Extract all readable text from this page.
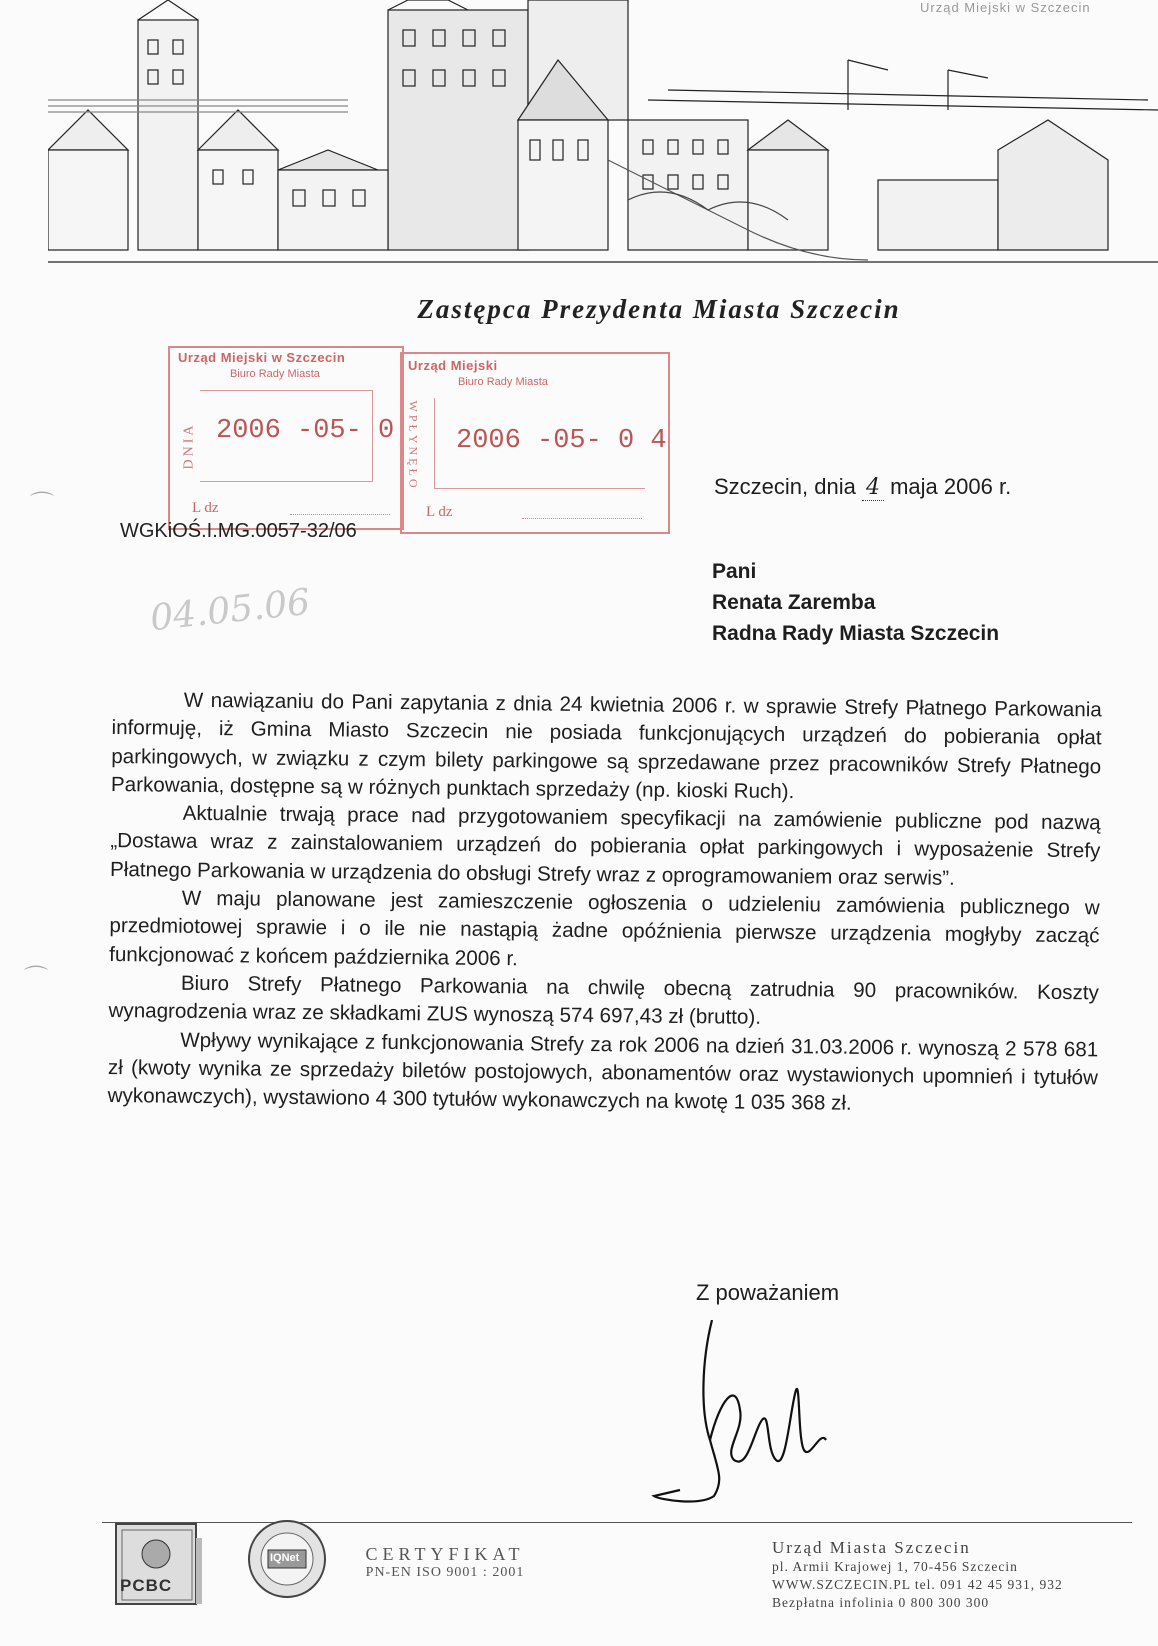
Urząd Miejski w Szczecin
Zastępca Prezydenta Miasta Szczecin
Urząd Miejski w Szczecin
Biuro Rady Miasta
DNIA 2006 -05- 0
L dz
Urząd Miejski
Biuro Rady Miasta
WPŁYNĘŁO 2006 -05- 0 4
L dz
WGKiOŚ.I.MG.0057-32/06
04.05.06
⌒
⌒
Szczecin, dnia 4 maja 2006 r.
Pani
Renata Zaremba
Radna Rady Miasta Szczecin

W nawiązaniu do Pani zapytania z dnia 24 kwietnia 2006 r. w sprawie Strefy Płatnego Parkowania informuję, iż Gmina Miasto Szczecin nie posiada funkcjonujących urządzeń do pobierania opłat parkingowych, w związku z czym bilety parkingowe są sprzedawane przez pracowników Strefy Płatnego Parkowania, dostępne są w różnych punktach sprzedaży (np. kioski Ruch).

Aktualnie trwają prace nad przygotowaniem specyfikacji na zamówienie publiczne pod nazwą „Dostawa wraz z zainstalowaniem urządzeń do pobierania opłat parkingowych i wyposażenie Strefy Płatnego Parkowania w urządzenia do obsługi Strefy wraz z oprogramowaniem oraz serwis”.

W maju planowane jest zamieszczenie ogłoszenia o udzieleniu zamówienia publicznego w przedmiotowej sprawie i o ile nie nastąpią żadne opóźnienia pierwsze urządzenia mogłyby zacząć funkcjonować z końcem października 2006 r.

Biuro Strefy Płatnego Parkowania na chwilę obecną zatrudnia 90 pracowników. Koszty wynagrodzenia wraz ze składkami ZUS wynoszą 574 697,43 zł (brutto).

Wpływy wynikające z funkcjonowania Strefy za rok 2006 na dzień 31.03.2006 r. wynoszą 2 578 681 zł (kwoty wynika ze sprzedaży biletów postojowych, abonamentów oraz wystawionych upomnień i tytułów wykonawczych), wystawiono 4 300 tytułów wykonawczych na kwotę 1 035 368 zł.

Z poważaniem
PCBC
IQNet	CERTYFIKAT
PN-EN ISO 9001 : 2001
Urząd Miasta Szczecin
pl. Armii Krajowej 1, 70-456 Szczecin
WWW.SZCZECIN.PL tel. 091 42 45 931, 932
Bezpłatna infolinia 0 800 300 300
